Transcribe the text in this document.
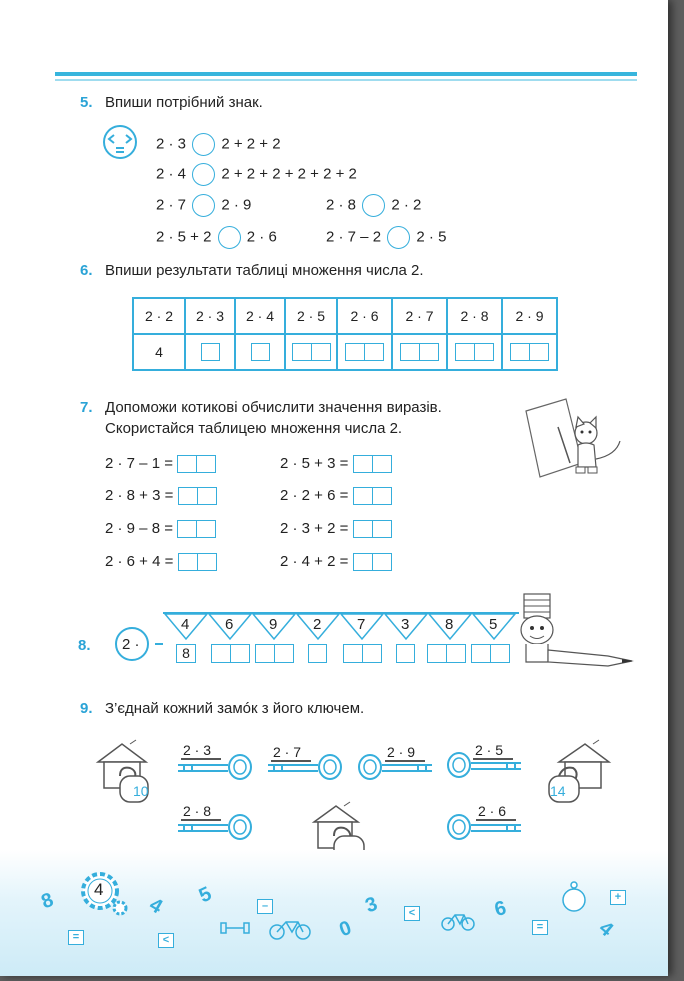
5. Впиши потрібний знак.
2 · 3 2 + 2 + 2
2 · 4 2 + 2 + 2 + 2 + 2 + 2
2 · 7 2 · 9	2 · 8 2 · 2
2 · 5 + 2 2 · 6	2 · 7 – 2 2 · 5
6. Впиши результати таблиці множення числа 2.
2 · 2	2 · 3	2 · 4	2 · 5	2 · 6	2 · 7	2 · 8	2 · 9
4	

7. Допоможи котикові обчислити значення виразів.
Скористайся таблицею множення числа 2.
2 · 7 – 1 =
2 · 8 + 3 =
2 · 9 – 8 =
2 · 6 + 4 =
2 · 5 + 3 =
2 · 2 + 6 =
2 · 3 + 2 =
2 · 4 + 2 =
8. 2 ·
4 6 9 2 7 3 8 5
8
9. З’єднай кожний замóк з його ключем.
10	14
2 · 3	2 · 7	2 · 9	2 · 5
2 · 8	2 · 6
4
8	4 5	3
0
6
4
=	<
–
<
=
+
